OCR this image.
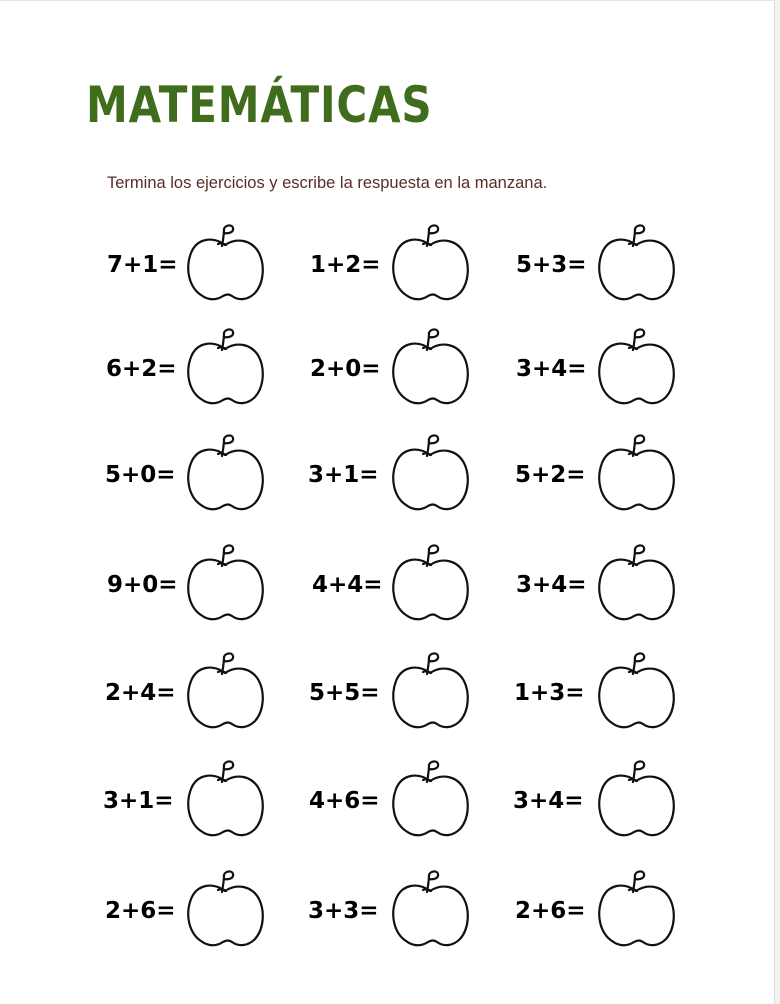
MATEMÁTICAS
Termina los ejercicios y escribe la respuesta en la manzana.
7+1=	1+2=	5+3=
6+2=	2+0=	3+4=
5+0=	3+1=	5+2=
9+0=	4+4=	3+4=
2+4=	5+5=	1+3=
3+1=	4+6=	3+4=
2+6=	3+3=	2+6=
